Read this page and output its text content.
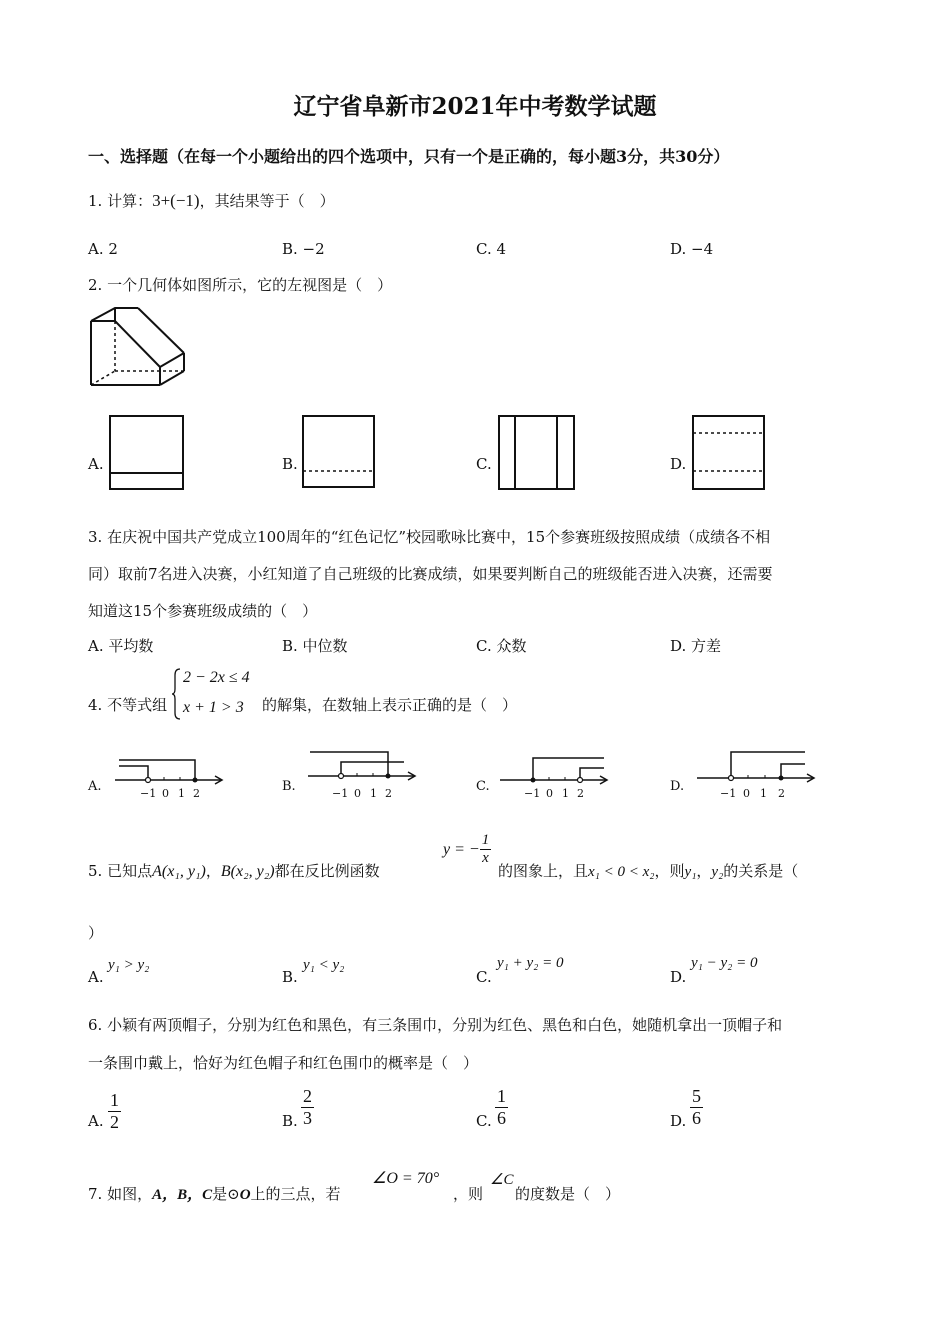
辽宁省阜新市2021年中考数学试题
一、选择题（在每一个小题给出的四个选项中，只有一个是正确的，每小题3分，共30分）
1. 计算：3+(−1)，其结果等于（　）
A. 2	B. −2	C. 4	D. −4
2. 一个几何体如图所示，它的左视图是（　）
A.	B.	C.	D.
3. 在庆祝中国共产党成立100周年的“红色记忆”校园歌咏比赛中，15个参赛班级按照成绩（成绩各不相
同）取前7名进入决赛，小红知道了自己班级的比赛成绩，如果要判断自己的班级能否进入决赛，还需要
知道这15个参赛班级成绩的（　）
A. 平均数	B. 中位数	C. 众数	D. 方差
4. 不等式组
2 − 2x ≤ 4
x + 1 > 3 的解集，在数轴上表示正确的是（　）
A.	−1 0 1 2	B.	−1 0 1 2	C.	−1 0 1 2	D.	−1 0 1 2
5. 已知点A(x₁, y₁)，B(x₂, y₂)都在反比例函数
y = − $\frac{1}{x}$
的图象上，且x₁ < 0 < x₂，则y₁，y₂的关系是（
）
A.
y₁ > y₂
B.
y₁ < y₂
C.
y₁ + y₂ = 0
D.
y₁ − y₂ = 0
6. 小颖有两顶帽子，分别为红色和黑色，有三条围巾，分别为红色、黑色和白色，她随机拿出一顶帽子和
一条围巾戴上，恰好为红色帽子和红色围巾的概率是（　）
A. $\frac{1}{2}$	B. $\frac{2}{3}$	C. $\frac{1}{6}$	D. $\frac{5}{6}$
7. 如图，A，B，C是⊙O上的三点，若
∠O = 70°
，则
∠C
的度数是（　）
